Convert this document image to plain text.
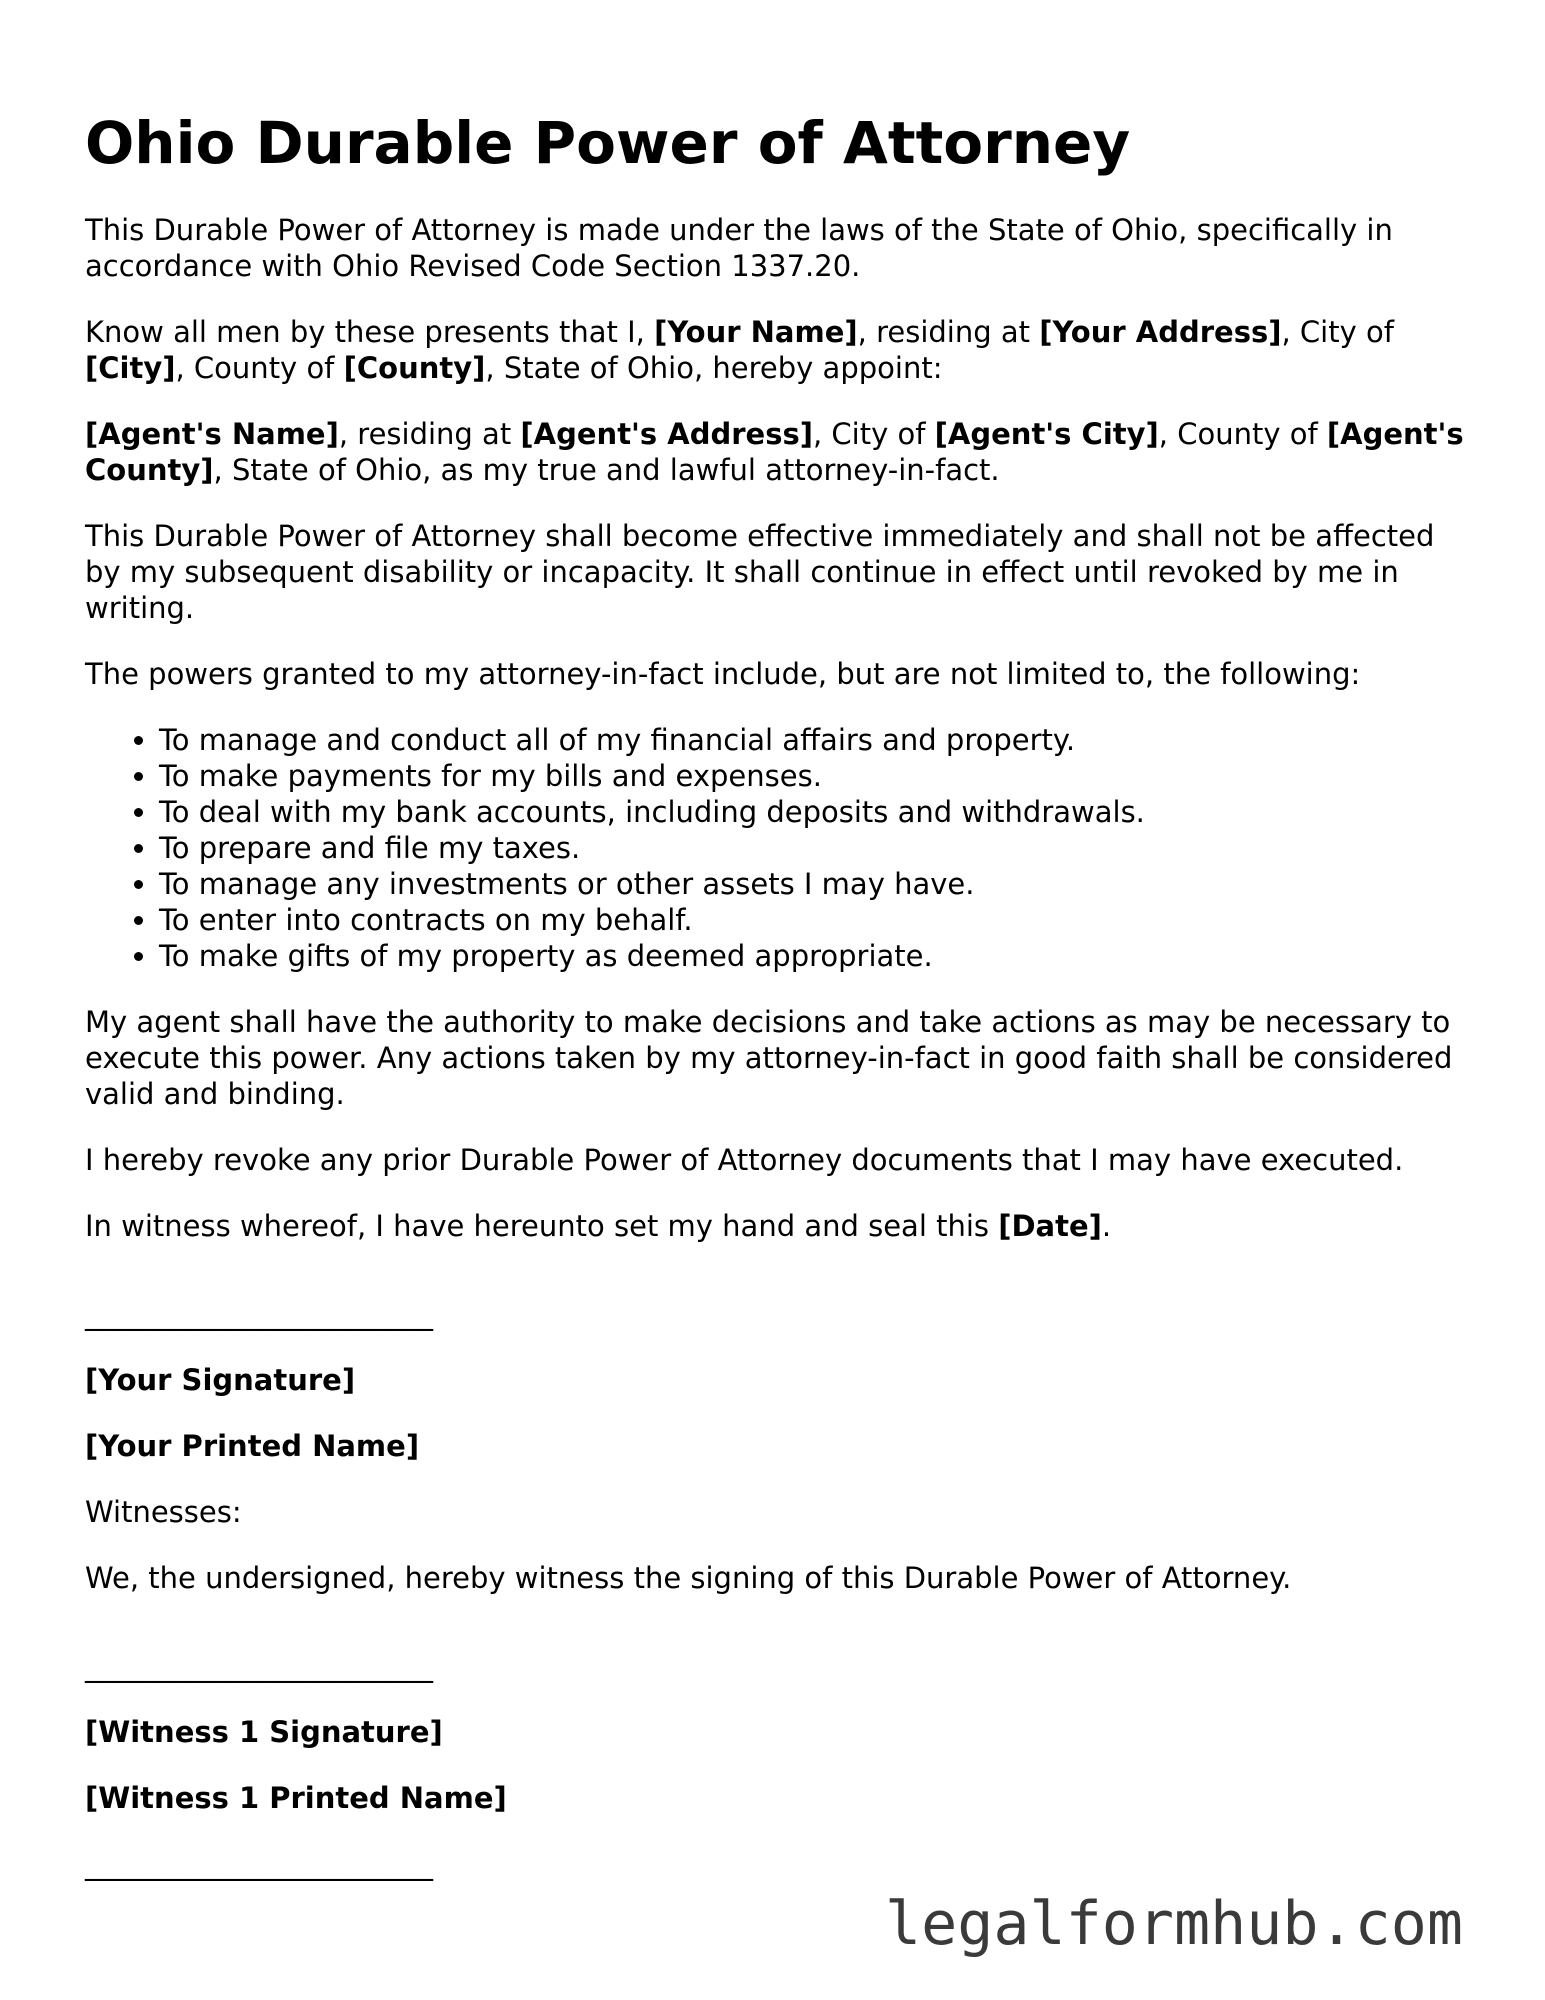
Ohio Durable Power of Attorney

This Durable Power of Attorney is made under the laws of the State of Ohio, specifically in accordance with Ohio Revised Code Section 1337.20.

Know all men by these presents that I, [Your Name], residing at [Your Address], City of [City], County of [County], State of Ohio, hereby appoint:

[Agent's Name], residing at [Agent's Address], City of [Agent's City], County of [Agent's County], State of Ohio, as my true and lawful attorney-in-fact.

This Durable Power of Attorney shall become effective immediately and shall not be affected by my subsequent disability or incapacity. It shall continue in effect until revoked by me in writing.

The powers granted to my attorney-in-fact include, but are not limited to, the following:

• To manage and conduct all of my financial affairs and property.
• To make payments for my bills and expenses.
• To deal with my bank accounts, including deposits and withdrawals.
• To prepare and file my taxes.
• To manage any investments or other assets I may have.
• To enter into contracts on my behalf.
• To make gifts of my property as deemed appropriate.

My agent shall have the authority to make decisions and take actions as may be necessary to execute this power. Any actions taken by my attorney-in-fact in good faith shall be considered valid and binding.

I hereby revoke any prior Durable Power of Attorney documents that I may have executed.

In witness whereof, I have hereunto set my hand and seal this [Date].

________________________

[Your Signature]

[Your Printed Name]

Witnesses:

We, the undersigned, hereby witness the signing of this Durable Power of Attorney.

________________________

[Witness 1 Signature]

[Witness 1 Printed Name]

________________________
legalformhub.com
